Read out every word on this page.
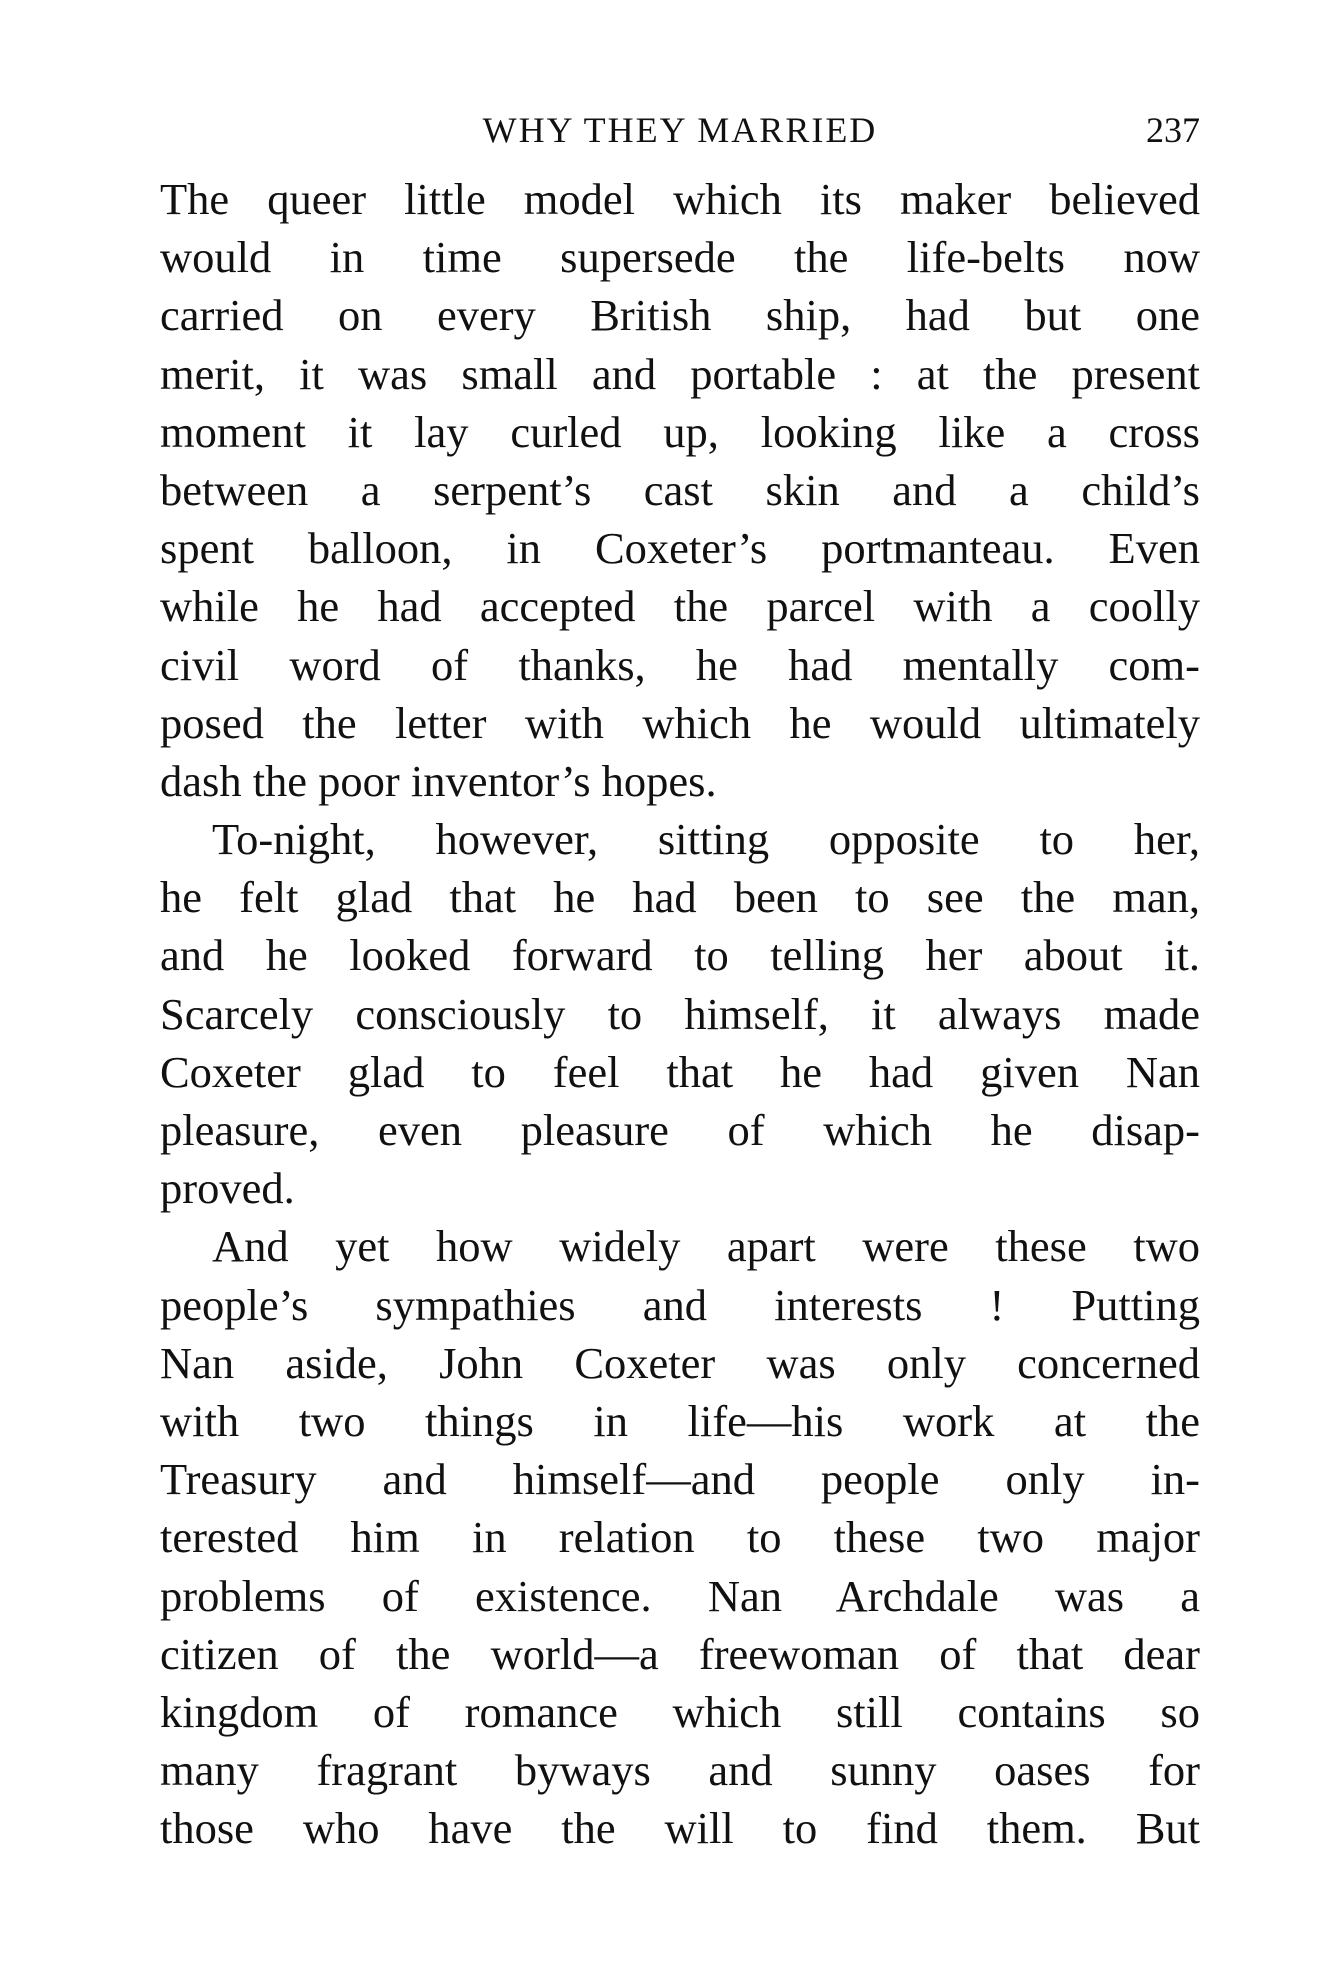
WHY THEY MARRIED	237
The queer little model which its maker believed
would in time supersede the life-belts now
carried on every British ship, had but one
merit, it was small and portable : at the present
moment it lay curled up, looking like a cross
between a serpent’s cast skin and a child’s
spent balloon, in Coxeter’s portmanteau. Even
while he had accepted the parcel with a coolly
civil word of thanks, he had mentally com-
posed the letter with which he would ultimately
dash the poor inventor’s hopes.
To-night, however, sitting opposite to her,
he felt glad that he had been to see the man,
and he looked forward to telling her about it.
Scarcely consciously to himself, it always made
Coxeter glad to feel that he had given Nan
pleasure, even pleasure of which he disap-
proved.
And yet how widely apart were these two
people’s sympathies and interests ! Putting
Nan aside, John Coxeter was only concerned
with two things in life—his work at the
Treasury and himself—and people only in-
terested him in relation to these two major
problems of existence. Nan Archdale was a
citizen of the world—a freewoman of that dear
kingdom of romance which still contains so
many fragrant byways and sunny oases for
those who have the will to find them. But
